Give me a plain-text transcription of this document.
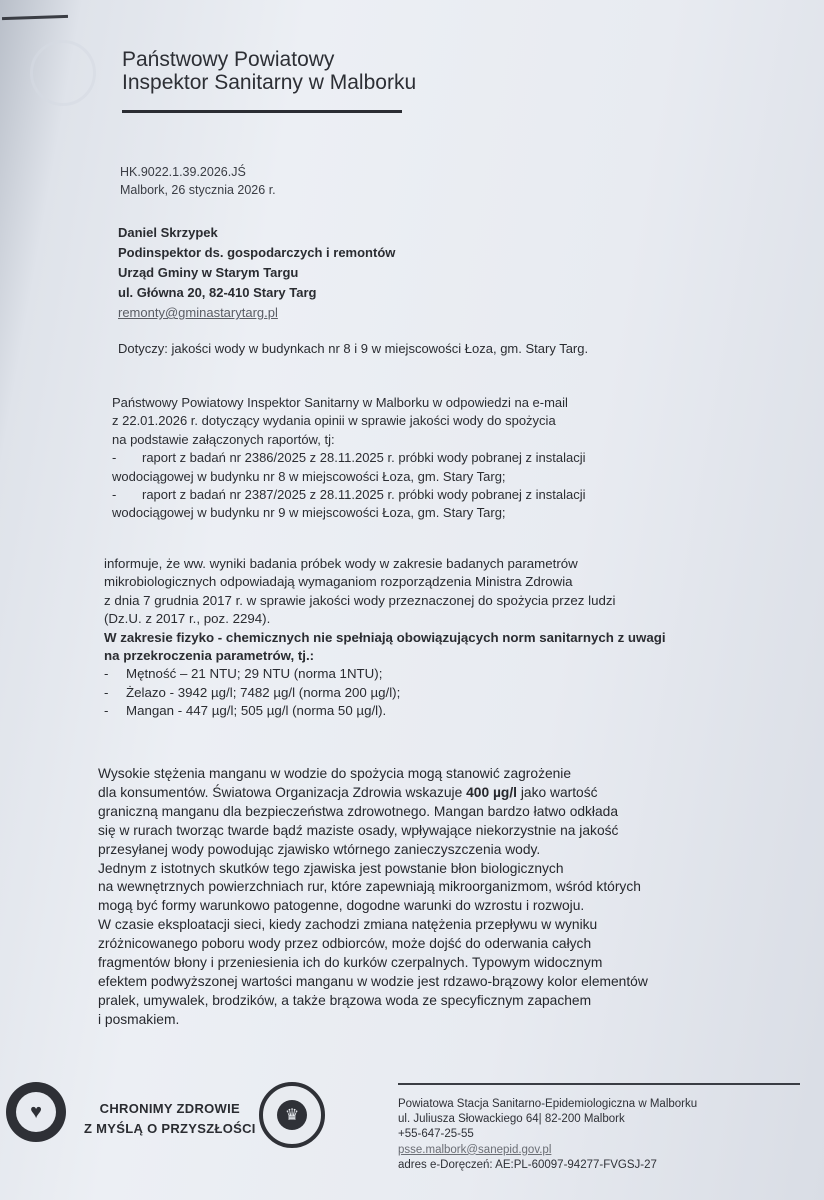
Państwowy Powiatowy
Inspektor Sanitarny w Malborku
HK.9022.1.39.2026.JŚ
Malbork, 26 stycznia 2026 r.
Daniel Skrzypek
Podinspektor ds. gospodarczych i remontów
Urząd Gminy w Starym Targu
ul. Główna 20, 82-410 Stary Targ
remonty@gminastarytarg.pl
Dotyczy: jakości wody w budynkach nr 8 i 9 w miejscowości Łoza, gm. Stary Targ.
Państwowy Powiatowy Inspektor Sanitarny w Malborku w odpowiedzi na e-mail
z 22.01.2026 r. dotyczący wydania opinii w sprawie jakości wody do spożycia
na podstawie załączonych raportów, tj:
-	raport z badań nr 2386/2025 z 28.11.2025 r. próbki wody pobranej z instalacji
wodociągowej w budynku nr 8 w miejscowości Łoza, gm. Stary Targ;
-	raport z badań nr 2387/2025 z 28.11.2025 r. próbki wody pobranej z instalacji
wodociągowej w budynku nr 9 w miejscowości Łoza, gm. Stary Targ;
informuje, że ww. wyniki badania próbek wody w zakresie badanych parametrów
mikrobiologicznych odpowiadają wymaganiom rozporządzenia Ministra Zdrowia
z dnia 7 grudnia 2017 r. w sprawie jakości wody przeznaczonej do spożycia przez ludzi
(Dz.U. z 2017 r., poz. 2294).
W zakresie fizyko - chemicznych nie spełniają obowiązujących norm sanitarnych z uwagi
na przekroczenia parametrów, tj.:
-	Mętność – 21 NTU; 29 NTU (norma 1NTU);
-	Żelazo - 3942 µg/l; 7482 µg/l (norma 200 µg/l);
-	Mangan - 447 µg/l; 505 µg/l (norma 50 µg/l).
Wysokie stężenia manganu w wodzie do spożycia mogą stanowić zagrożenie
dla konsumentów. Światowa Organizacja Zdrowia wskazuje 400 µg/l jako wartość
graniczną manganu dla bezpieczeństwa zdrowotnego. Mangan bardzo łatwo odkłada
się w rurach tworząc twarde bądź maziste osady, wpływające niekorzystnie na jakość
przesyłanej wody powodując zjawisko wtórnego zanieczyszczenia wody.
Jednym z istotnych skutków tego zjawiska jest powstanie błon biologicznych
na wewnętrznych powierzchniach rur, które zapewniają mikroorganizmom, wśród których
mogą być formy warunkowo patogenne, dogodne warunki do wzrostu i rozwoju.
W czasie eksploatacji sieci, kiedy zachodzi zmiana natężenia przepływu w wyniku
zróżnicowanego poboru wody przez odbiorców, może dojść do oderwania całych
fragmentów błony i przeniesienia ich do kurków czerpalnych. Typowym widocznym
efektem podwyższonej wartości manganu w wodzie jest rdzawo-brązowy kolor elementów
pralek, umywalek, brodzików, a także brązowa woda ze specyficznym zapachem
i posmakiem.
♥	CHRONIMY ZDROWIE
Z MYŚLĄ O PRZYSZŁOŚCI
♛
Powiatowa Stacja Sanitarno-Epidemiologiczna w Malborku
ul. Juliusza Słowackiego 64| 82-200 Malbork
+55-647-25-55
psse.malbork@sanepid.gov.pl
adres e-Doręczeń: AE:PL-60097-94277-FVGSJ-27
